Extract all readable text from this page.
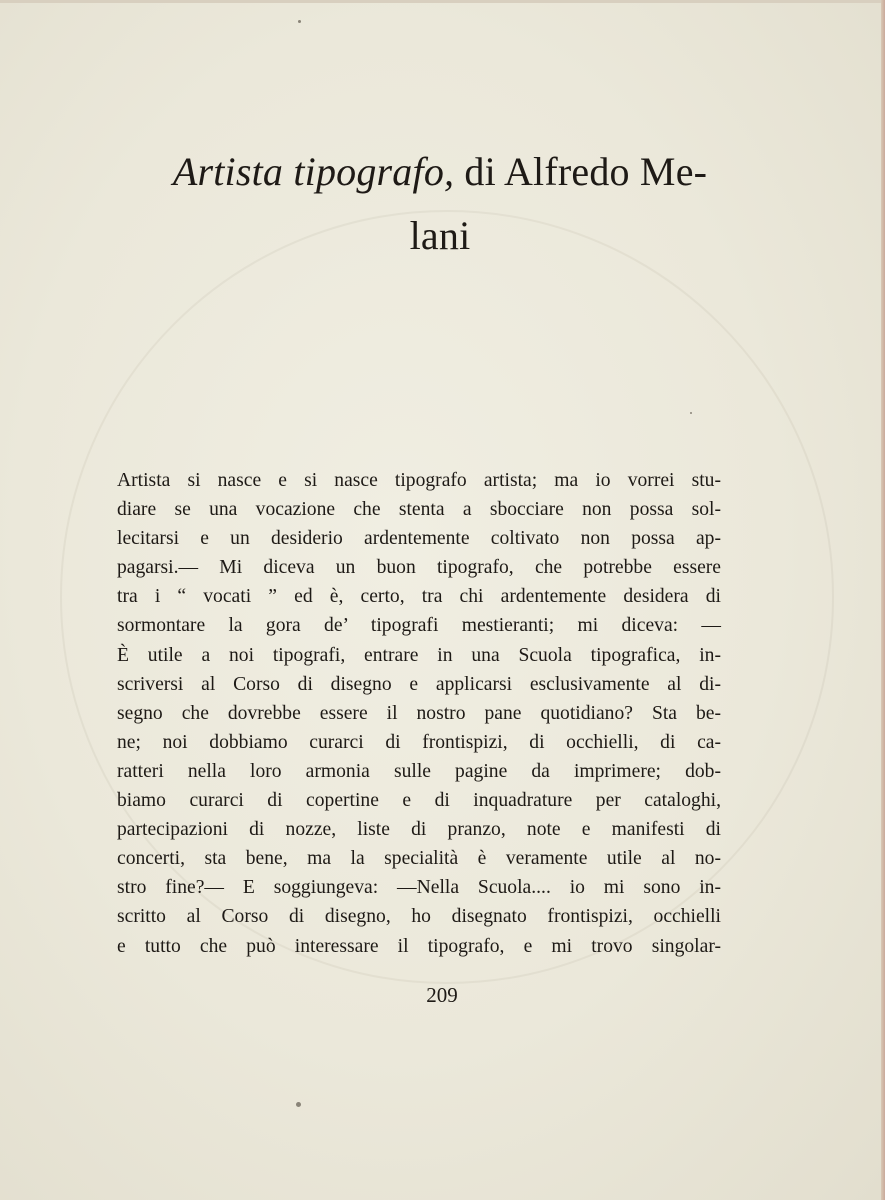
Artista tipografo, di Alfredo Me-
lani
Artista si nasce e si nasce tipografo artista; ma io vorrei stu-
diare se una vocazione che stenta a sbocciare non possa sol-
lecitarsi e un desiderio ardentemente coltivato non possa ap-
pagarsi.— Mi diceva un buon tipografo, che potrebbe essere
tra i “ vocati ” ed è, certo, tra chi ardentemente desidera di
sormontare la gora de’ tipografi mestieranti; mi diceva: —
È utile a noi tipografi, entrare in una Scuola tipografica, in-
scriversi al Corso di disegno e applicarsi esclusivamente al di-
segno che dovrebbe essere il nostro pane quotidiano? Sta be-
ne; noi dobbiamo curarci di frontispizi, di occhielli, di ca-
ratteri nella loro armonia sulle pagine da imprimere; dob-
biamo curarci di copertine e di inquadrature per cataloghi,
partecipazioni di nozze, liste di pranzo, note e manifesti di
concerti, sta bene, ma la specialità è veramente utile al no-
stro fine?— E soggiungeva: —Nella Scuola.... io mi sono in-
scritto al Corso di disegno, ho disegnato frontispizi, occhielli
e tutto che può interessare il tipografo, e mi trovo singolar-
209
